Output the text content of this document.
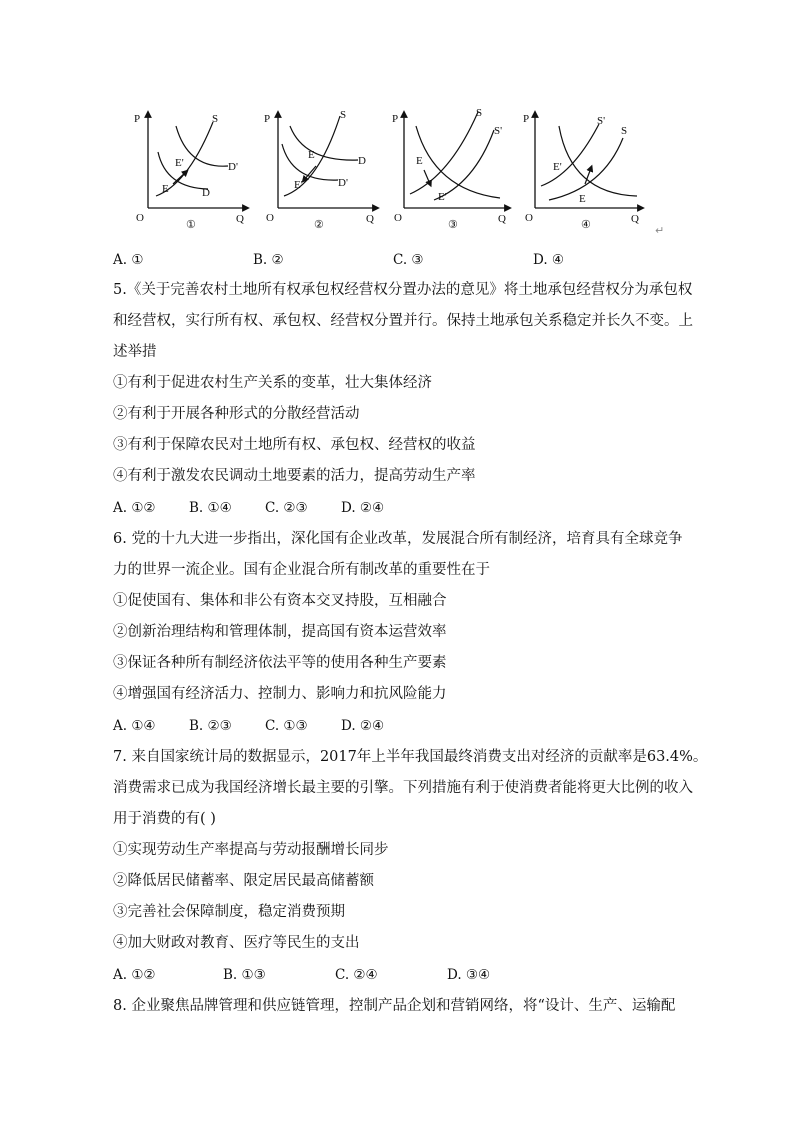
P
Q
O
①
S
D'
D
E'
E
P
Q
O
②
S
D
D'
E
E'
P
Q
O
③
S
S'
E
E'
P
Q
O
④
S'
S
E'
E
↵
A. ①	B. ②	C. ③	D. ④
5.《关于完善农村土地所有权承包权经营权分置办法的意见》将土地承包经营权分为承包权
和经营权，实行所有权、承包权、经营权分置并行。保持土地承包关系稳定并长久不变。上
述举措
①有利于促进农村生产关系的变革，壮大集体经济
②有利于开展各种形式的分散经营活动
③有利于保障农民对土地所有权、承包权、经营权的收益
④有利于激发农民调动土地要素的活力，提高劳动生产率
A. ①② B. ①④ C. ②③ D. ②④
6. 党的十九大进一步指出，深化国有企业改革，发展混合所有制经济，培育具有全球竞争
力的世界一流企业。国有企业混合所有制改革的重要性在于
①促使国有、集体和非公有资本交叉持股，互相融合
②创新治理结构和管理体制，提高国有资本运营效率
③保证各种所有制经济依法平等的使用各种生产要素
④增强国有经济活力、控制力、影响力和抗风险能力
A. ①④ B. ②③ C. ①③ D. ②④
7. 来自国家统计局的数据显示，2017年上半年我国最终消费支出对经济的贡献率是63.4%。
消费需求已成为我国经济增长最主要的引擎。下列措施有利于使消费者能将更大比例的收入
用于消费的有( )
①实现劳动生产率提高与劳动报酬增长同步
②降低居民储蓄率、限定居民最高储蓄额
③完善社会保障制度，稳定消费预期
④加大财政对教育、医疗等民生的支出
A. ①②	B. ①③	C. ②④	D. ③④
8. 企业聚焦品牌管理和供应链管理，控制产品企划和营销网络，将“设计、生产、运输配
